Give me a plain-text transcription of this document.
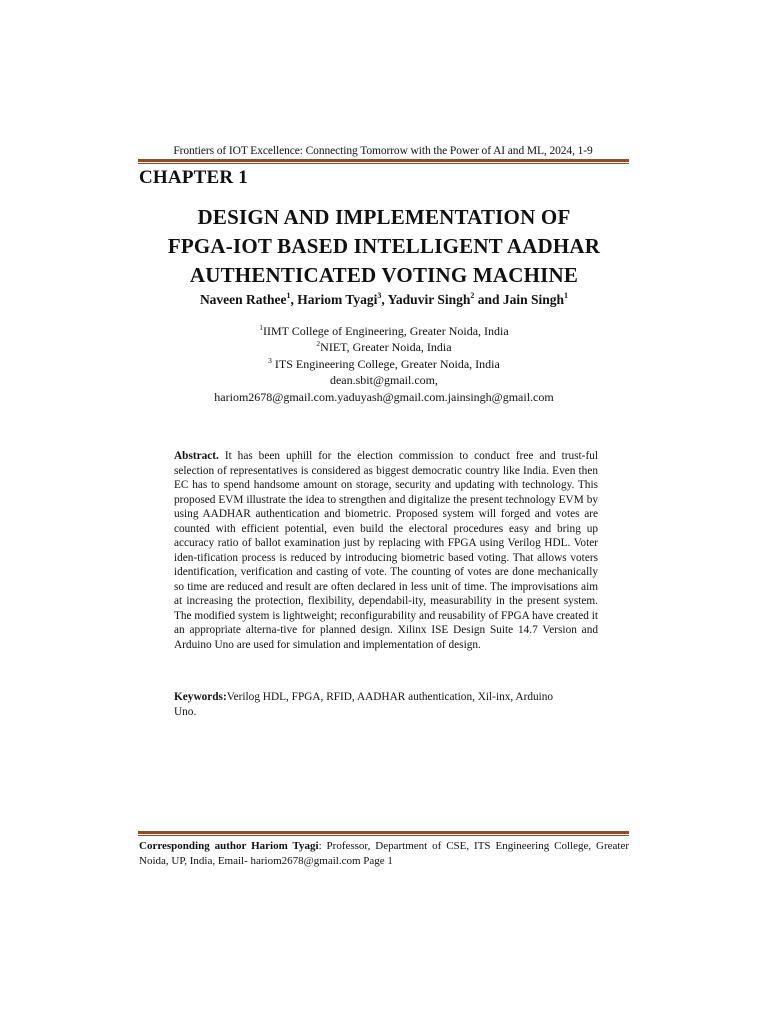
Frontiers of IOT Excellence: Connecting Tomorrow with the Power of AI and ML, 2024, 1-9
CHAPTER 1
DESIGN AND IMPLEMENTATION OF
FPGA-IOT BASED INTELLIGENT AADHAR
AUTHENTICATED VOTING MACHINE
Naveen Rathee$^1$, Hariom Tyagi$^3$, Yaduvir Singh$^2$ and Jain Singh$^1$
$^1$IIMT College of Engineering, Greater Noida, India
$^2$NIET, Greater Noida, India
$^3$ ITS Engineering College, Greater Noida, India
dean.sbit@gmail.com,
hariom2678@gmail.com.yaduyash@gmail.com.jainsingh@gmail.com
Abstract. It has been uphill for the election commission to conduct free and trust-ful selection of representatives is considered as biggest democratic country like India. Even then EC has to spend handsome amount on storage, security and updating with technology. This proposed EVM illustrate the idea to strengthen and digitalize the present technology EVM by using AADHAR authentication and biometric. Proposed system will forged and votes are counted with efficient potential, even build the electoral procedures easy and bring up accuracy ratio of ballot examination just by replacing with FPGA using Verilog HDL. Voter iden-tification process is reduced by introducing biometric based voting. That allows voters identification, verification and casting of vote. The counting of votes are done mechanically so time are reduced and result are often declared in less unit of time. The improvisations aim at increasing the protection, flexibility, dependabil-ity, measurability in the present system. The modified system is lightweight; reconfigurability and reusability of FPGA have created it an appropriate alterna-tive for planned design. Xilinx ISE Design Suite 14.7 Version and Arduino Uno are used for simulation and implementation of design.
Keywords:Verilog HDL, FPGA, RFID, AADHAR authentication, Xil-inx, Arduino Uno.
Corresponding author Hariom Tyagi: Professor, Department of CSE, ITS Engineering College, Greater Noida, UP, India, Email- hariom2678@gmail.com Page 1
